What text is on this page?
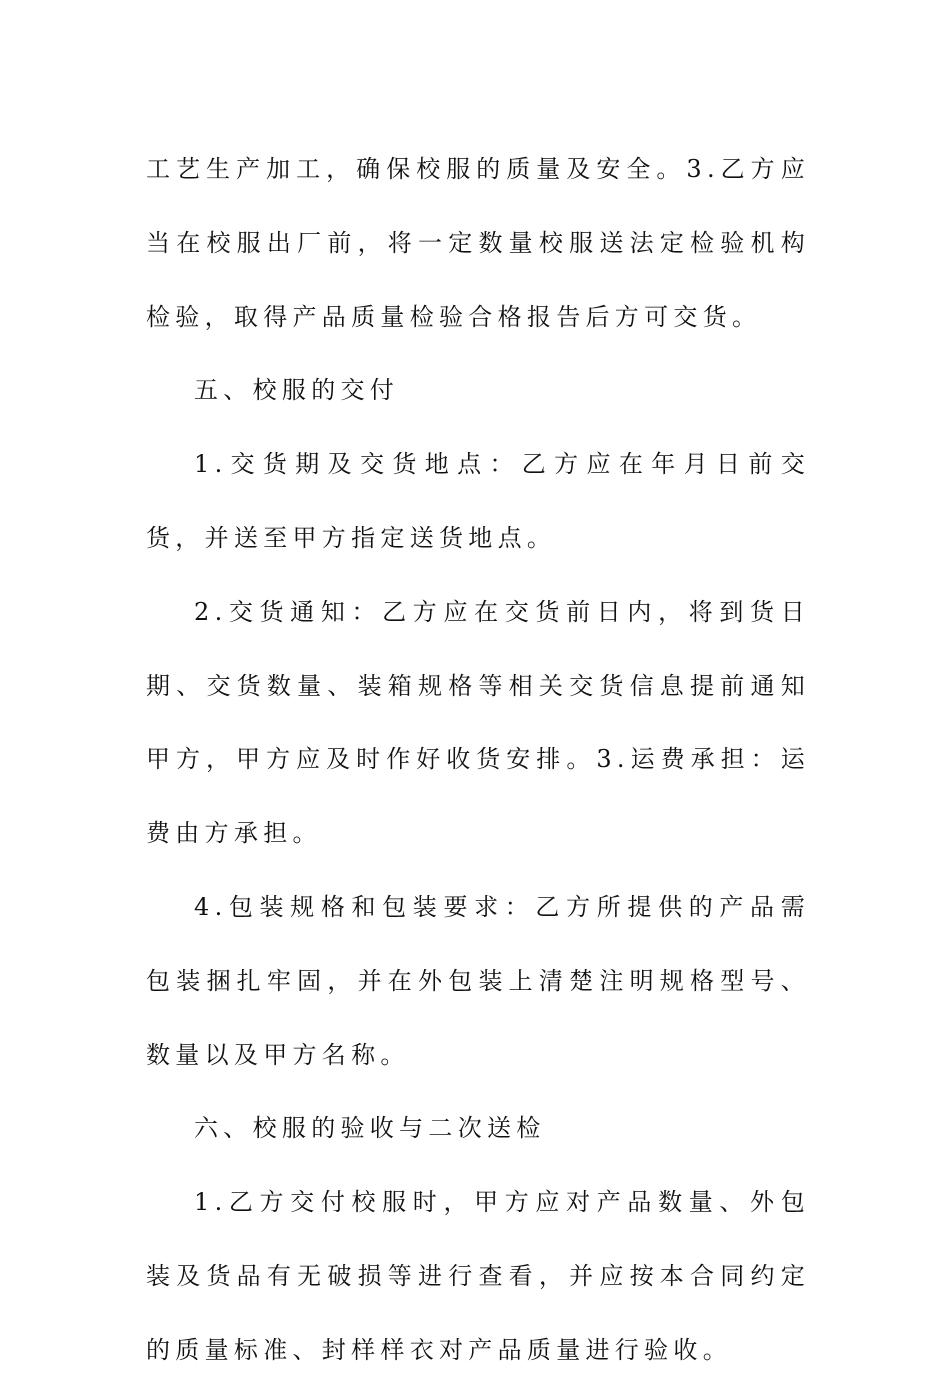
工艺生产加工，确保校服的质量及安全。3.乙方应当在校服出厂前，将一定数量校服送法定检验机构检验，取得产品质量检验合格报告后方可交货。

五、校服的交付

1.交货期及交货地点：乙方应在年月日前交货，并送至甲方指定送货地点。

2.交货通知：乙方应在交货前日内，将到货日期、交货数量、装箱规格等相关交货信息提前通知甲方，甲方应及时作好收货安排。3.运费承担：运费由方承担。

4.包装规格和包装要求：乙方所提供的产品需包装捆扎牢固，并在外包装上清楚注明规格型号、数量以及甲方名称。

六、校服的验收与二次送检

1.乙方交付校服时，甲方应对产品数量、外包装及货品有无破损等进行查看，并应按本合同约定的质量标准、封样样衣对产品质量进行验收。
